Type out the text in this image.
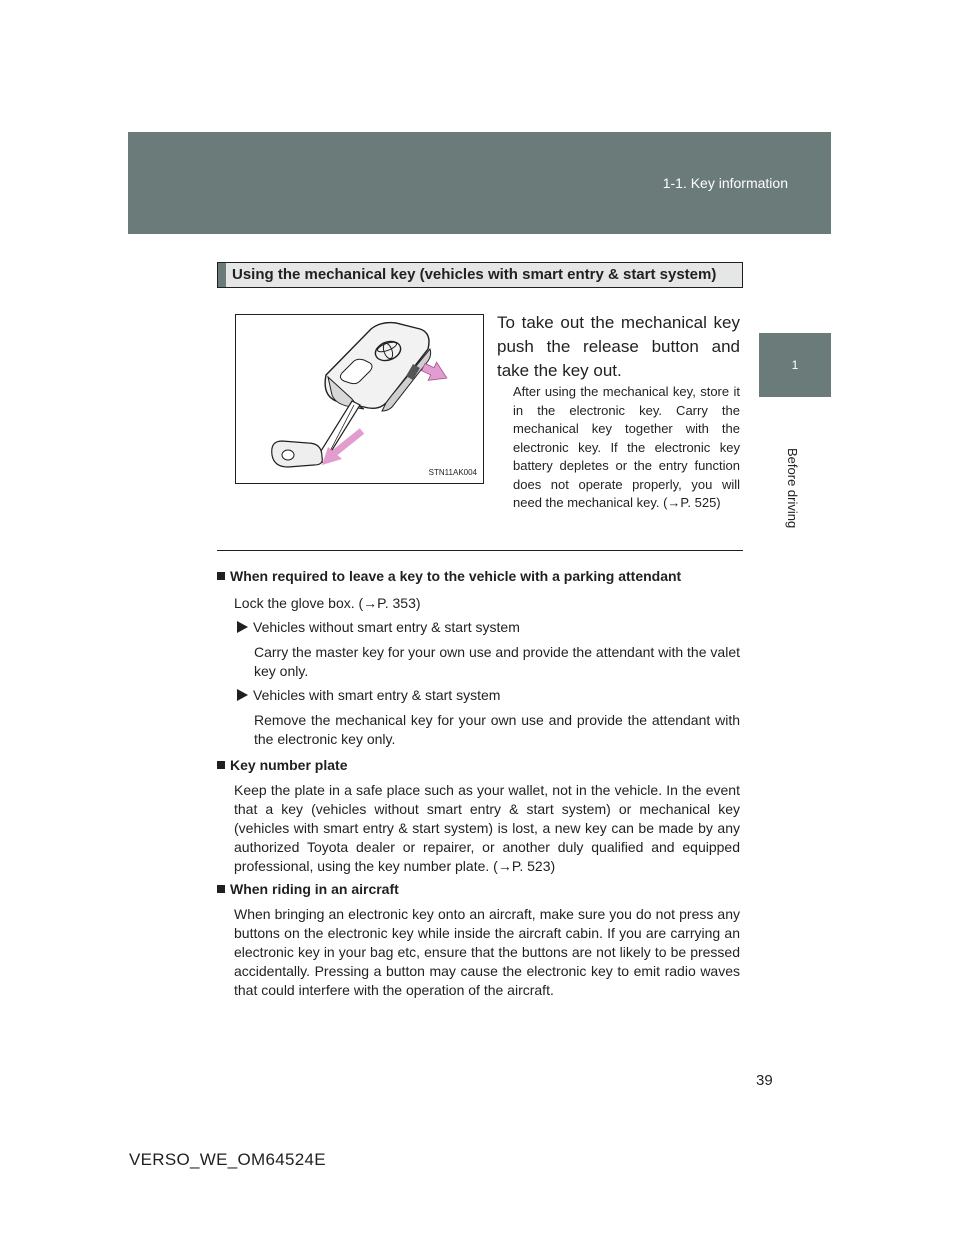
1-1. Key information
1
Before driving
Using the mechanical key (vehicles with smart entry & start system)
STN11AK004
To take out the mechanical key push the release button and take the key out.
After using the mechanical key, store it in the electronic key. Carry the mechanical key together with the electronic key. If the electronic key battery depletes or the entry function does not operate properly, you will need the mechanical key. (→P. 525)
When required to leave a key to the vehicle with a parking attendant
Lock the glove box. (→P. 353)
Vehicles without smart entry & start system
Carry the master key for your own use and provide the attendant with the valet key only.
Vehicles with smart entry & start system
Remove the mechanical key for your own use and provide the attendant with the electronic key only.
Key number plate
Keep the plate in a safe place such as your wallet, not in the vehicle. In the event that a key (vehicles without smart entry & start system) or mechanical key (vehicles with smart entry & start system) is lost, a new key can be made by any authorized Toyota dealer or repairer, or another duly qualified and equipped professional, using the key number plate. (→P. 523)
When riding in an aircraft
When bringing an electronic key onto an aircraft, make sure you do not press any buttons on the electronic key while inside the aircraft cabin. If you are carrying an electronic key in your bag etc, ensure that the buttons are not likely to be pressed accidentally. Pressing a button may cause the electronic key to emit radio waves that could interfere with the operation of the aircraft.
39
VERSO_WE_OM64524E
